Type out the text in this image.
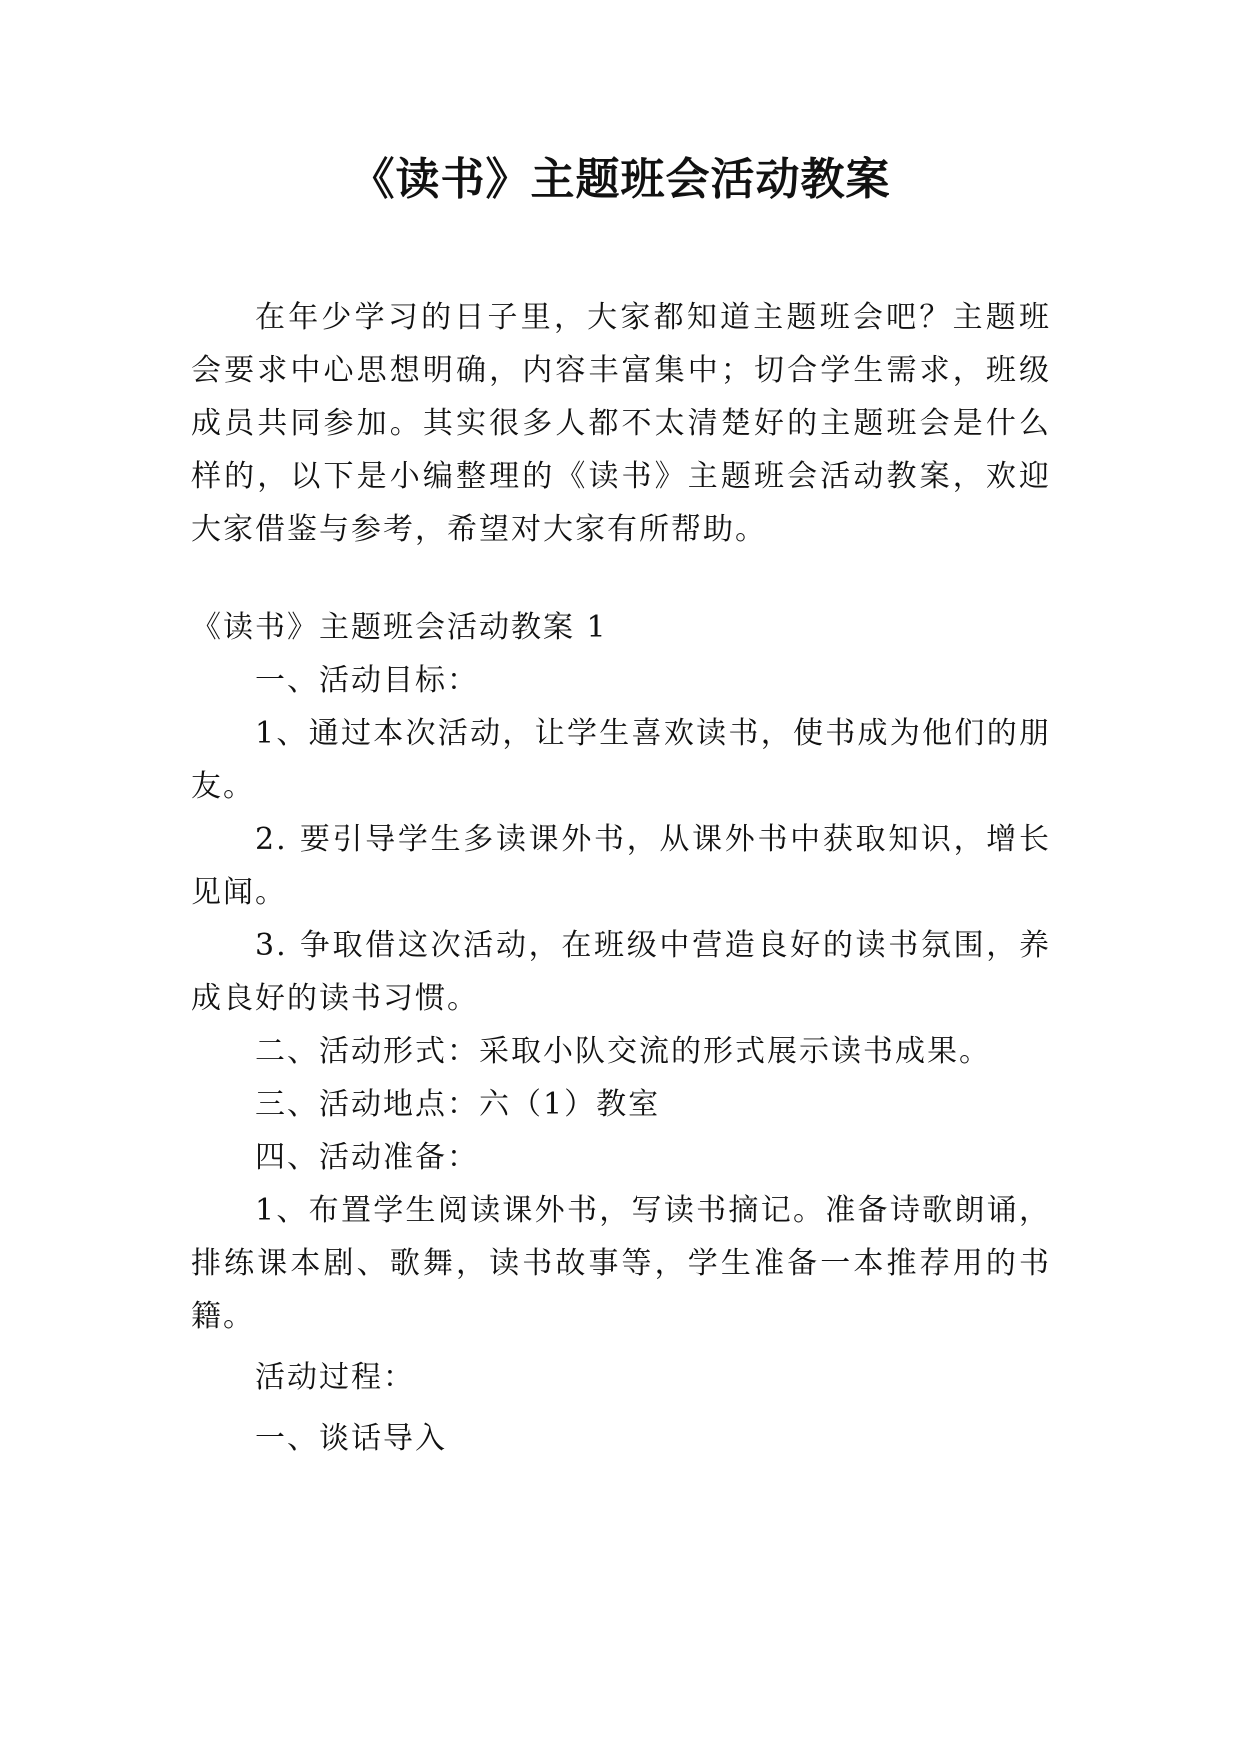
《读书》主题班会活动教案

在年少学习的日子里，大家都知道主题班会吧？主题班会要求中心思想明确，内容丰富集中；切合学生需求，班级成员共同参加。其实很多人都不太清楚好的主题班会是什么样的，以下是小编整理的《读书》主题班会活动教案，欢迎大家借鉴与参考，希望对大家有所帮助。

《读书》主题班会活动教案 1

一、活动目标：

1、通过本次活动，让学生喜欢读书，使书成为他们的朋友。

2. 要引导学生多读课外书，从课外书中获取知识，增长见闻。

3. 争取借这次活动，在班级中营造良好的读书氛围，养成良好的读书习惯。

二、活动形式：采取小队交流的形式展示读书成果。

三、活动地点：六（1）教室

四、活动准备：

1、布置学生阅读课外书，写读书摘记。准备诗歌朗诵，排练课本剧、歌舞，读书故事等，学生准备一本推荐用的书籍。

活动过程：

一、谈话导入
